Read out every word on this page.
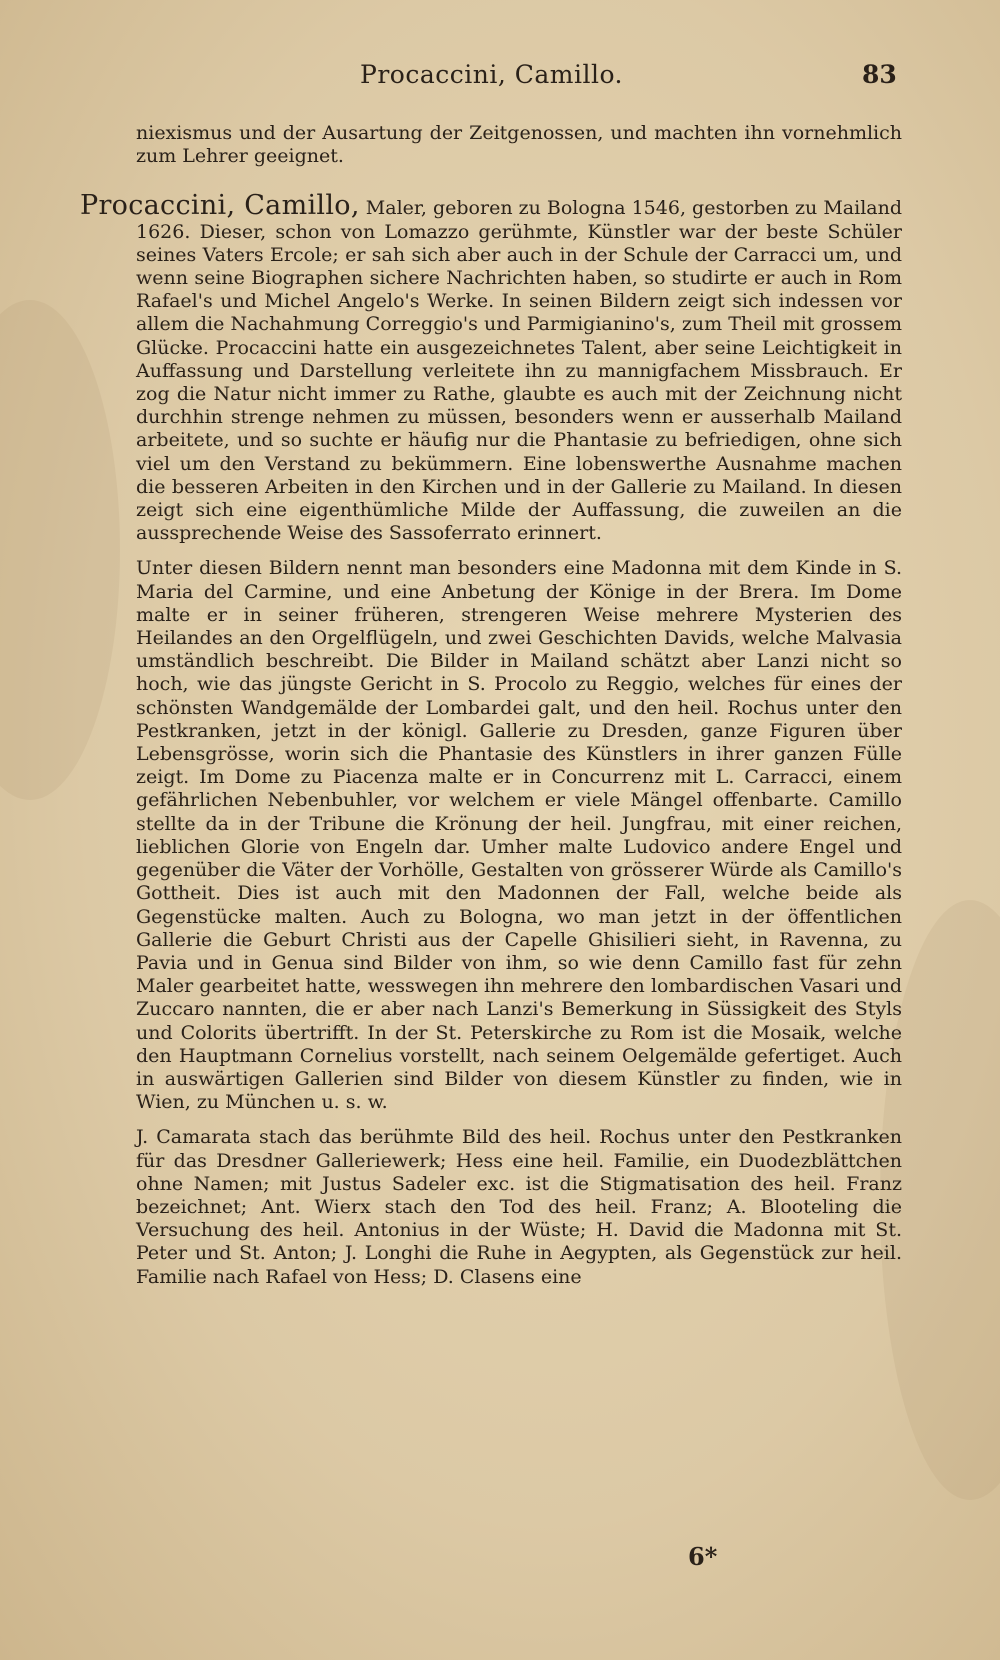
Procaccini, Camillo.	83

niexismus und der Ausartung der Zeitgenossen, und machten ihn vornehmlich zum Lehrer geeignet.

Procaccini, Camillo, Maler, geboren zu Bologna 1546, gestorben zu Mailand 1626. Dieser, schon von Lomazzo gerühmte, Künstler war der beste Schüler seines Vaters Ercole; er sah sich aber auch in der Schule der Carracci um, und wenn seine Biographen sichere Nachrichten haben, so studirte er auch in Rom Rafael's und Michel Angelo's Werke. In seinen Bildern zeigt sich indessen vor allem die Nachahmung Correggio's und Parmigianino's, zum Theil mit grossem Glücke. Procaccini hatte ein ausgezeichnetes Talent, aber seine Leichtigkeit in Auffassung und Darstellung verleitete ihn zu mannigfachem Missbrauch. Er zog die Natur nicht immer zu Rathe, glaubte es auch mit der Zeichnung nicht durchhin strenge nehmen zu müssen, besonders wenn er ausserhalb Mailand arbeitete, und so suchte er häufig nur die Phantasie zu befriedigen, ohne sich viel um den Verstand zu bekümmern. Eine lobenswerthe Ausnahme machen die besseren Arbeiten in den Kirchen und in der Gallerie zu Mailand. In diesen zeigt sich eine eigenthümliche Milde der Auffassung, die zuweilen an die aussprechende Weise des Sassoferrato erinnert.

Unter diesen Bildern nennt man besonders eine Madonna mit dem Kinde in S. Maria del Carmine, und eine Anbetung der Könige in der Brera. Im Dome malte er in seiner früheren, strengeren Weise mehrere Mysterien des Heilandes an den Orgelflügeln, und zwei Geschichten Davids, welche Malvasia umständlich beschreibt. Die Bilder in Mailand schätzt aber Lanzi nicht so hoch, wie das jüngste Gericht in S. Procolo zu Reggio, welches für eines der schönsten Wandgemälde der Lombardei galt, und den heil. Rochus unter den Pestkranken, jetzt in der königl. Gallerie zu Dresden, ganze Figuren über Lebensgrösse, worin sich die Phantasie des Künstlers in ihrer ganzen Fülle zeigt. Im Dome zu Piacenza malte er in Concurrenz mit L. Carracci, einem gefährlichen Nebenbuhler, vor welchem er viele Mängel offenbarte. Camillo stellte da in der Tribune die Krönung der heil. Jungfrau, mit einer reichen, lieblichen Glorie von Engeln dar. Umher malte Ludovico andere Engel und gegenüber die Väter der Vorhölle, Gestalten von grösserer Würde als Camillo's Gottheit. Dies ist auch mit den Madonnen der Fall, welche beide als Gegenstücke malten. Auch zu Bologna, wo man jetzt in der öffentlichen Gallerie die Geburt Christi aus der Capelle Ghisilieri sieht, in Ravenna, zu Pavia und in Genua sind Bilder von ihm, so wie denn Camillo fast für zehn Maler gearbeitet hatte, wesswegen ihn mehrere den lombardischen Vasari und Zuccaro nannten, die er aber nach Lanzi's Bemerkung in Süssigkeit des Styls und Colorits übertrifft. In der St. Peterskirche zu Rom ist die Mosaik, welche den Hauptmann Cornelius vorstellt, nach seinem Oelgemälde gefertiget. Auch in auswärtigen Gallerien sind Bilder von diesem Künstler zu finden, wie in Wien, zu München u. s. w.

J. Camarata stach das berühmte Bild des heil. Rochus unter den Pestkranken für das Dresdner Galleriewerk; Hess eine heil. Familie, ein Duodezblättchen ohne Namen; mit Justus Sadeler exc. ist die Stigmatisation des heil. Franz bezeichnet; Ant. Wierx stach den Tod des heil. Franz; A. Blooteling die Versuchung des heil. Antonius in der Wüste; H. David die Madonna mit St. Peter und St. Anton; J. Longhi die Ruhe in Aegypten, als Gegenstück zur heil. Familie nach Rafael von Hess; D. Clasens eine

6*
